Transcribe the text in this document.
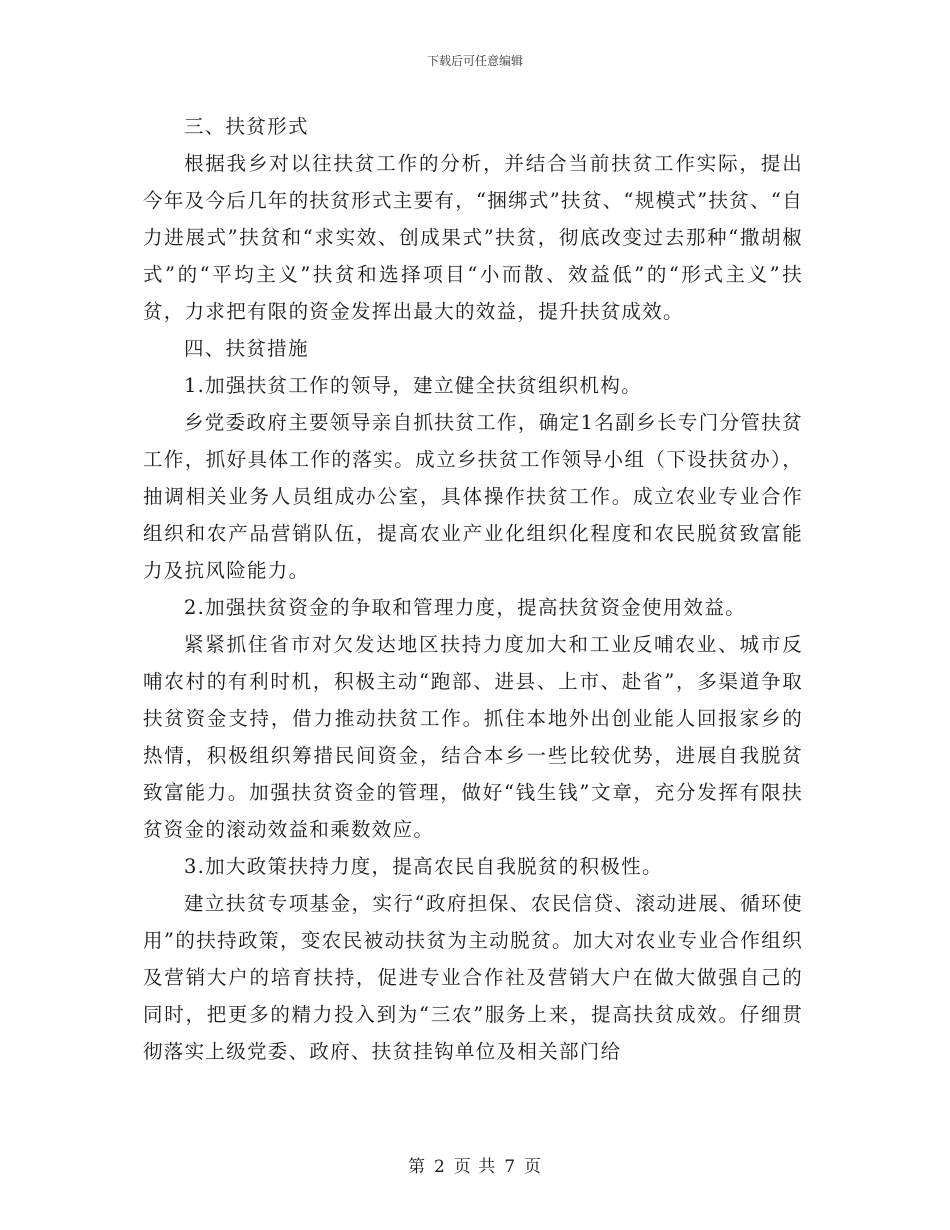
下载后可任意编辑

三、扶贫形式

根据我乡对以往扶贫工作的分析，并结合当前扶贫工作实际，提出今年及今后几年的扶贫形式主要有，“捆绑式”扶贫、“规模式”扶贫、“自力进展式”扶贫和“求实效、创成果式”扶贫，彻底改变过去那种“撒胡椒式”的“平均主义”扶贫和选择项目“小而散、效益低”的“形式主义”扶贫，力求把有限的资金发挥出最大的效益，提升扶贫成效。

四、扶贫措施

1.加强扶贫工作的领导，建立健全扶贫组织机构。

乡党委政府主要领导亲自抓扶贫工作，确定1名副乡长专门分管扶贫工作，抓好具体工作的落实。成立乡扶贫工作领导小组（下设扶贫办），抽调相关业务人员组成办公室，具体操作扶贫工作。成立农业专业合作组织和农产品营销队伍，提高农业产业化组织化程度和农民脱贫致富能力及抗风险能力。

2.加强扶贫资金的争取和管理力度，提高扶贫资金使用效益。

紧紧抓住省市对欠发达地区扶持力度加大和工业反哺农业、城市反哺农村的有利时机，积极主动“跑部、进县、上市、赴省”，多渠道争取扶贫资金支持，借力推动扶贫工作。抓住本地外出创业能人回报家乡的热情，积极组织筹措民间资金，结合本乡一些比较优势，进展自我脱贫致富能力。加强扶贫资金的管理，做好“钱生钱”文章，充分发挥有限扶贫资金的滚动效益和乘数效应。

3.加大政策扶持力度，提高农民自我脱贫的积极性。

建立扶贫专项基金，实行“政府担保、农民信贷、滚动进展、循环使用”的扶持政策，变农民被动扶贫为主动脱贫。加大对农业专业合作组织及营销大户的培育扶持，促进专业合作社及营销大户在做大做强自己的同时，把更多的精力投入到为“三农”服务上来，提高扶贫成效。仔细贯彻落实上级党委、政府、扶贫挂钩单位及相关部门给

第 2 页 共 7 页
